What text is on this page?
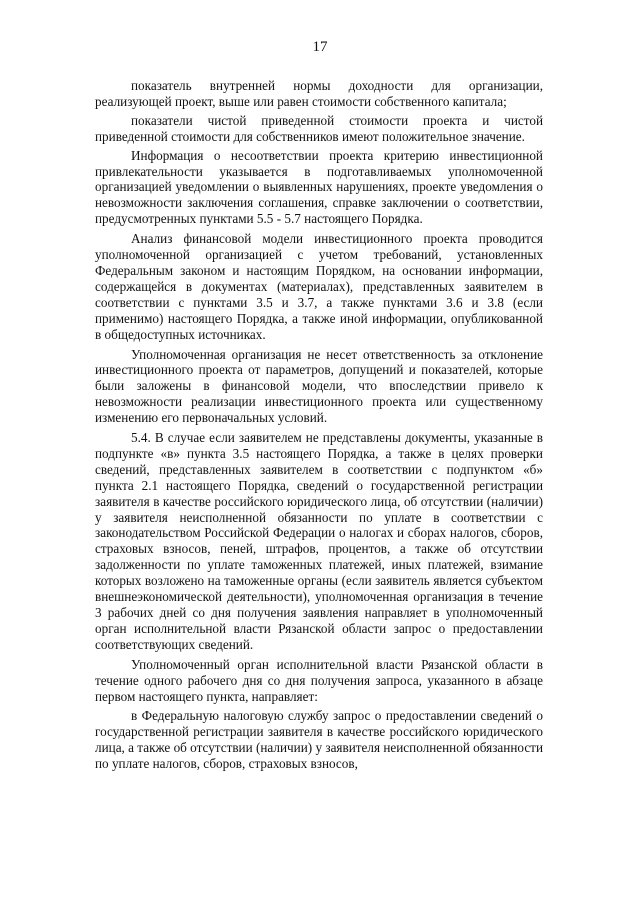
17

показатель внутренней нормы доходности для организации, реализующей проект, выше или равен стоимости собственного капитала;

показатели чистой приведенной стоимости проекта и чистой приведенной стоимости для собственников имеют положительное значение.

Информация о несоответствии проекта критерию инвестиционной привлекательности указывается в подготавливаемых уполномоченной организацией уведомлении о выявленных нарушениях, проекте уведомления о невозможности заключения соглашения, справке заключении о соответствии, предусмотренных пунктами 5.5 - 5.7 настоящего Порядка.

Анализ финансовой модели инвестиционного проекта проводится уполномоченной организацией с учетом требований, установленных Федеральным законом и настоящим Порядком, на основании информации, содержащейся в документах (материалах), представленных заявителем в соответствии с пунктами 3.5 и 3.7, а также пунктами 3.6 и 3.8 (если применимо) настоящего Порядка, а также иной информации, опубликованной в общедоступных источниках.

Уполномоченная организация не несет ответственность за отклонение инвестиционного проекта от параметров, допущений и показателей, которые были заложены в финансовой модели, что впоследствии привело к невозможности реализации инвестиционного проекта или существенному изменению его первоначальных условий.

5.4. В случае если заявителем не представлены документы, указанные в подпункте «в» пункта 3.5 настоящего Порядка, а также в целях проверки сведений, представленных заявителем в соответствии с подпунктом «б» пункта 2.1 настоящего Порядка, сведений о государственной регистрации заявителя в качестве российского юридического лица, об отсутствии (наличии) у заявителя неисполненной обязанности по уплате в соответствии с законодательством Российской Федерации о налогах и сборах налогов, сборов, страховых взносов, пеней, штрафов, процентов, а также об отсутствии задолженности по уплате таможенных платежей, иных платежей, взимание которых возложено на таможенные органы (если заявитель является субъектом внешнеэкономической деятельности), уполномоченная организация в течение 3 рабочих дней со дня получения заявления направляет в уполномоченный орган исполнительной власти Рязанской области запрос о предоставлении соответствующих сведений.

Уполномоченный орган исполнительной власти Рязанской области в течение одного рабочего дня со дня получения запроса, указанного в абзаце первом настоящего пункта, направляет:

в Федеральную налоговую службу запрос о предоставлении сведений о государственной регистрации заявителя в качестве российского юридического лица, а также об отсутствии (наличии) у заявителя неисполненной обязанности по уплате налогов, сборов, страховых взносов,
